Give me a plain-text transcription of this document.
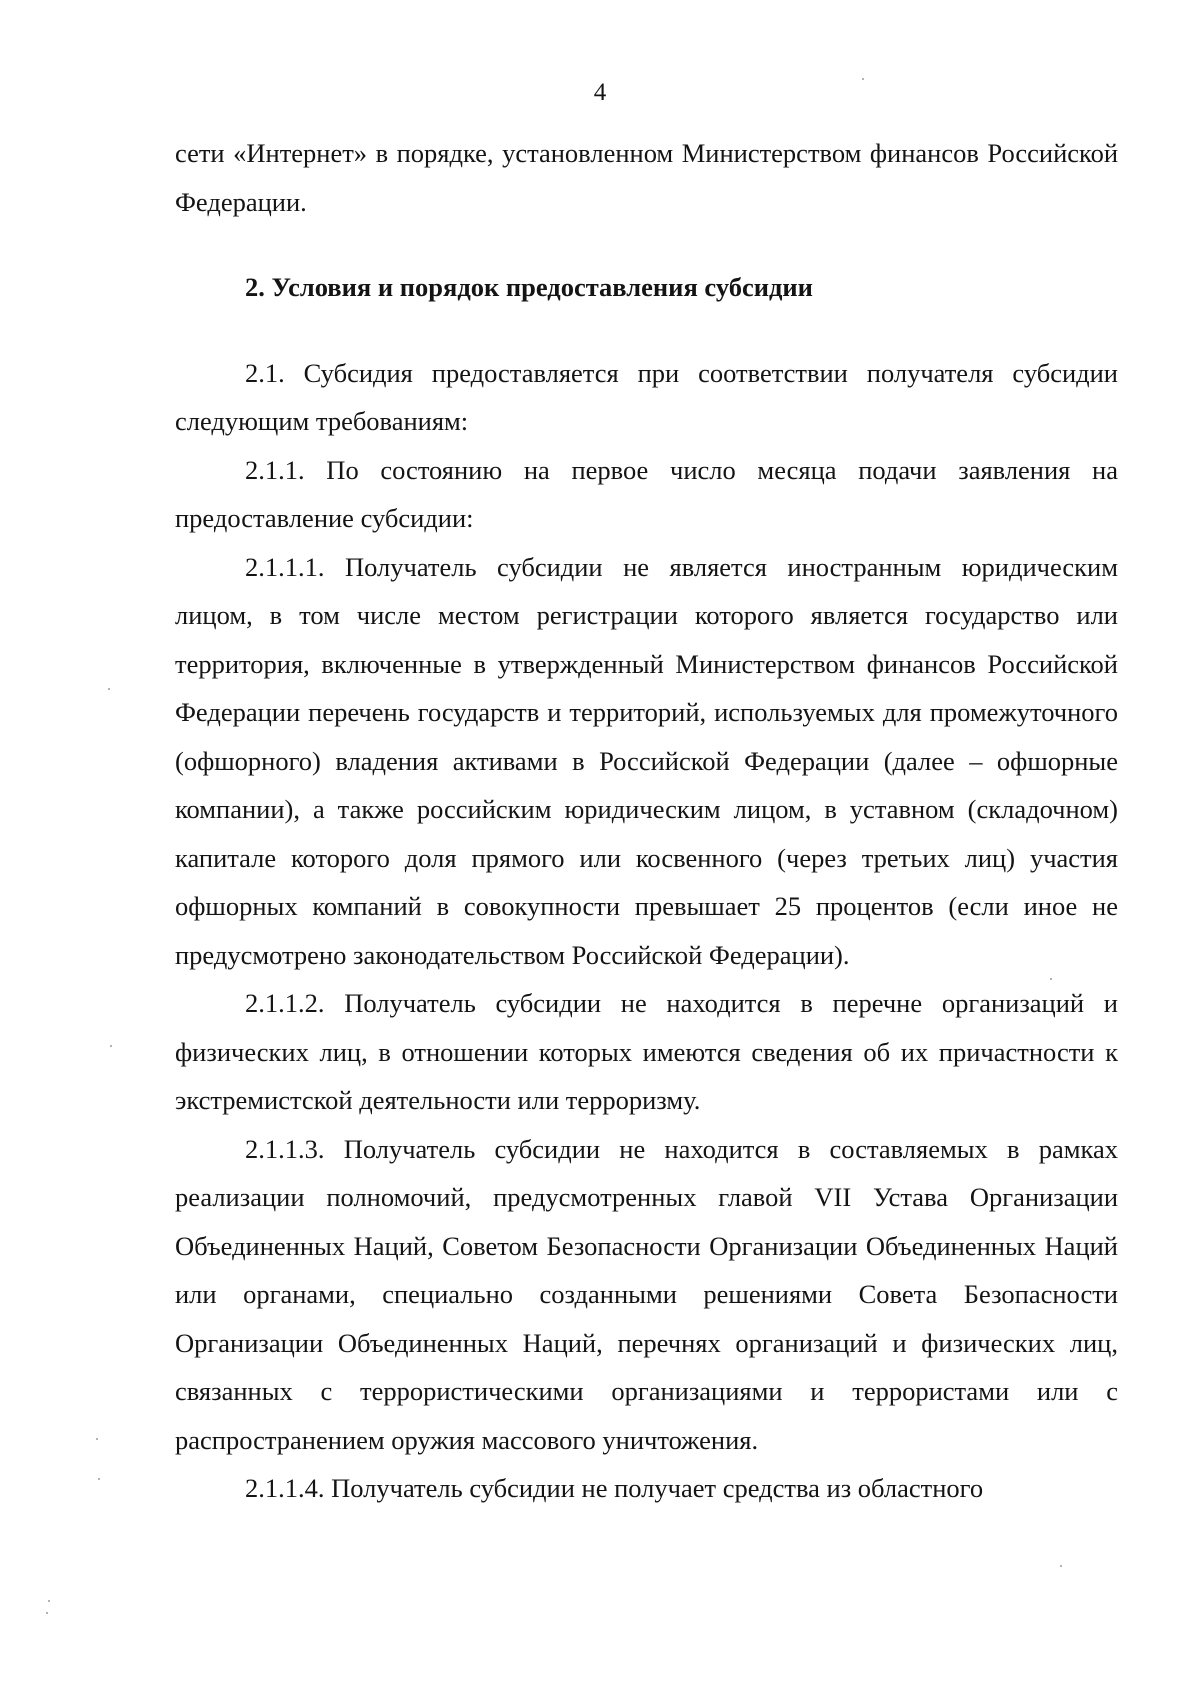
4

сети «Интернет» в порядке, установленном Министерством финансов Российской Федерации.

2. Условия и порядок предоставления субсидии

2.1. Субсидия предоставляется при соответствии получателя субсидии следующим требованиям:

2.1.1. По состоянию на первое число месяца подачи заявления на предоставление субсидии:

2.1.1.1. Получатель субсидии не является иностранным юридическим лицом, в том числе местом регистрации которого является государство или территория, включенные в утвержденный Министерством финансов Российской Федерации перечень государств и территорий, используемых для промежуточного (офшорного) владения активами в Российской Федерации (далее – офшорные компании), а также российским юридическим лицом, в уставном (складочном) капитале которого доля прямого или косвенного (через третьих лиц) участия офшорных компаний в совокупности превышает 25 процентов (если иное не предусмотрено законодательством Российской Федерации).

2.1.1.2. Получатель субсидии не находится в перечне организаций и физических лиц, в отношении которых имеются сведения об их причастности к экстремистской деятельности или терроризму.

2.1.1.3. Получатель субсидии не находится в составляемых в рамках реализации полномочий, предусмотренных главой VII Устава Организации Объединенных Наций, Советом Безопасности Организации Объединенных Наций или органами, специально созданными решениями Совета Безопасности Организации Объединенных Наций, перечнях организаций и физических лиц, связанных с террористическими организациями и террористами или с распространением оружия массового уничтожения.

2.1.1.4. Получатель субсидии не получает средства из областного
